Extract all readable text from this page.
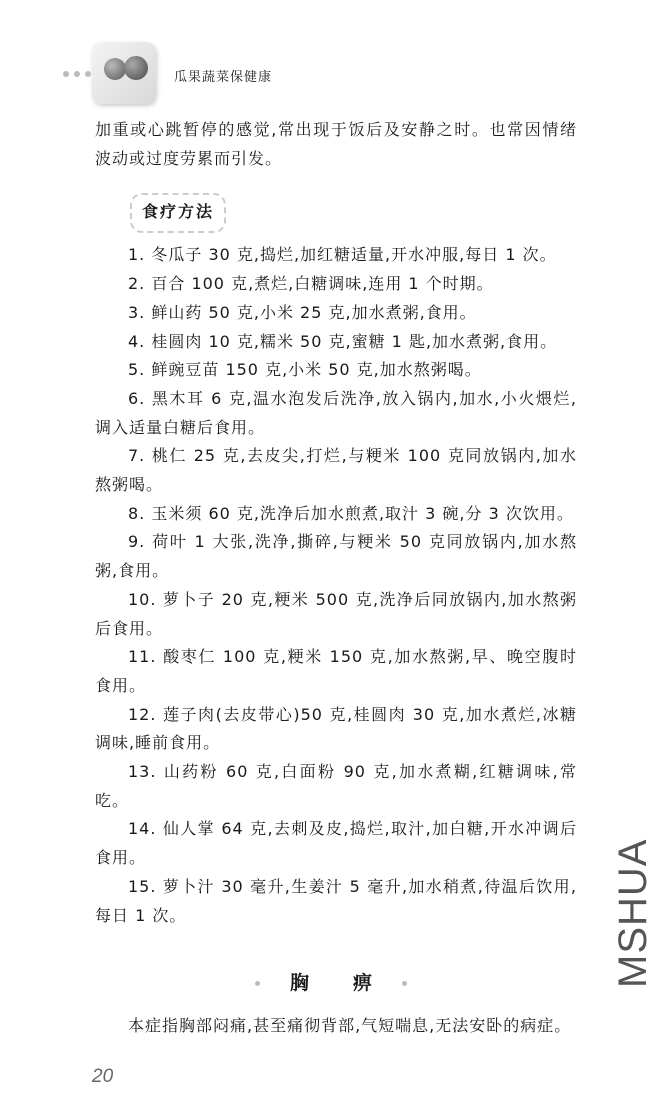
瓜果蔬菜保健康
加重或心跳暂停的感觉,常出现于饭后及安静之时。也常因情绪波动或过度劳累而引发。
食疗方法
1. 冬瓜子 30 克,捣烂,加红糖适量,开水冲服,每日 1 次。
2. 百合 100 克,煮烂,白糖调味,连用 1 个时期。
3. 鲜山药 50 克,小米 25 克,加水煮粥,食用。
4. 桂圆肉 10 克,糯米 50 克,蜜糖 1 匙,加水煮粥,食用。
5. 鲜豌豆苗 150 克,小米 50 克,加水熬粥喝。
6. 黑木耳 6 克,温水泡发后洗净,放入锅内,加水,小火煨烂,调入适量白糖后食用。
7. 桃仁 25 克,去皮尖,打烂,与粳米 100 克同放锅内,加水熬粥喝。
8. 玉米须 60 克,洗净后加水煎煮,取汁 3 碗,分 3 次饮用。
9. 荷叶 1 大张,洗净,撕碎,与粳米 50 克同放锅内,加水熬粥,食用。
10. 萝卜子 20 克,粳米 500 克,洗净后同放锅内,加水熬粥后食用。
11. 酸枣仁 100 克,粳米 150 克,加水熬粥,早、晚空腹时食用。
12. 莲子肉(去皮带心)50 克,桂圆肉 30 克,加水煮烂,冰糖调味,睡前食用。
13. 山药粉 60 克,白面粉 90 克,加水煮糊,红糖调味,常吃。
14. 仙人掌 64 克,去刺及皮,捣烂,取汁,加白糖,开水冲调后食用。
15. 萝卜汁 30 毫升,生姜汁 5 毫升,加水稍煮,待温后饮用,每日 1 次。
胸 痹
本症指胸部闷痛,甚至痛彻背部,气短喘息,无法安卧的病症。
20
MSHUA
